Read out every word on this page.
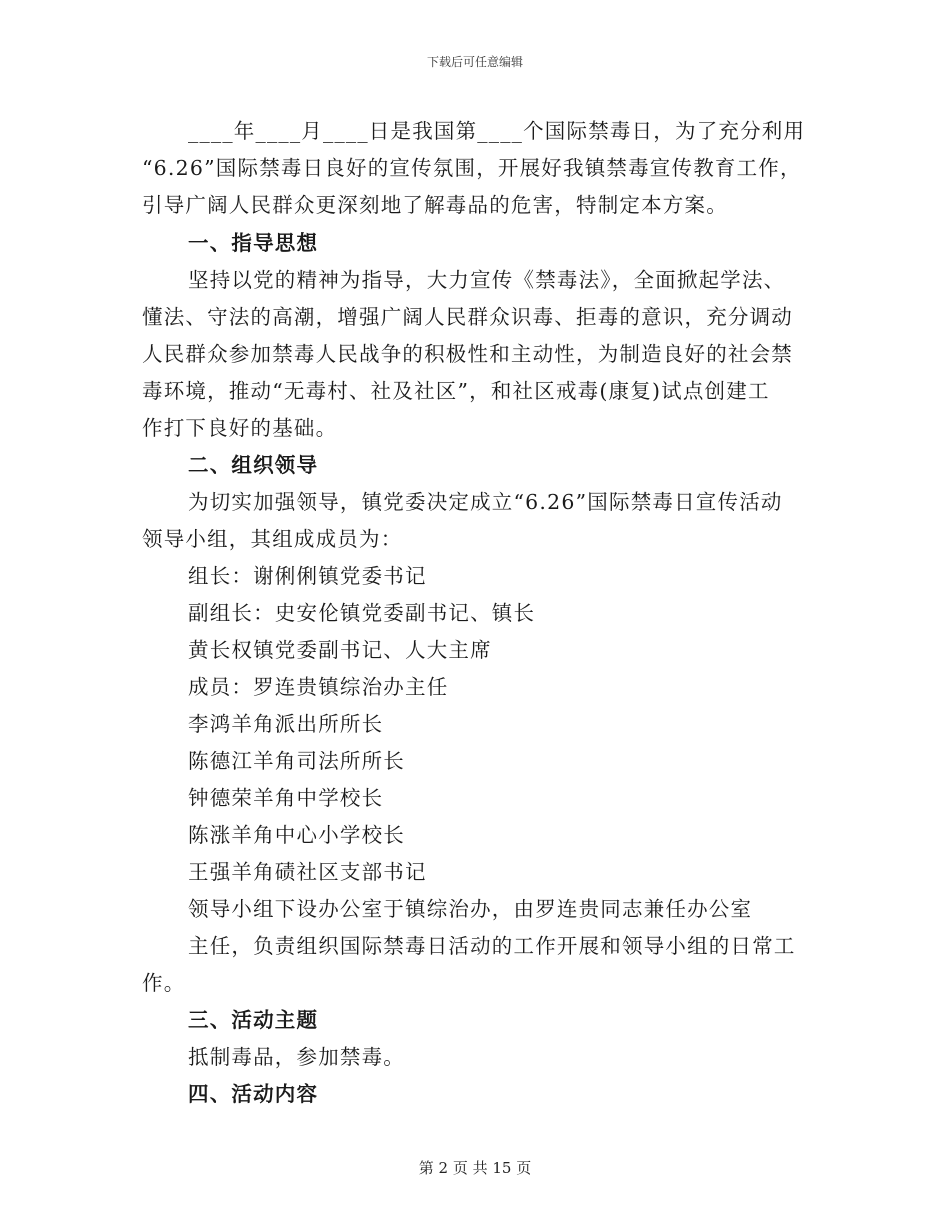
下载后可任意编辑
____年____月____日是我国第____个国际禁毒日，为了充分利用
“6.26”国际禁毒日良好的宣传氛围，开展好我镇禁毒宣传教育工作，
引导广阔人民群众更深刻地了解毒品的危害，特制定本方案。
一、指导思想
坚持以党的精神为指导，大力宣传《禁毒法》，全面掀起学法、
懂法、守法的高潮，增强广阔人民群众识毒、拒毒的意识，充分调动
人民群众参加禁毒人民战争的积极性和主动性，为制造良好的社会禁
毒环境，推动“无毒村、社及社区”，和社区戒毒(康复)试点创建工
作打下良好的基础。
二、组织领导
为切实加强领导，镇党委决定成立“6.26”国际禁毒日宣传活动
领导小组，其组成成员为：
组长：谢俐俐镇党委书记
副组长：史安伦镇党委副书记、镇长
黄长权镇党委副书记、人大主席
成员：罗连贵镇综治办主任
李鸿羊角派出所所长
陈德江羊角司法所所长
钟德荣羊角中学校长
陈涨羊角中心小学校长
王强羊角碛社区支部书记
领导小组下设办公室于镇综治办，由罗连贵同志兼任办公室
主任，负责组织国际禁毒日活动的工作开展和领导小组的日常工
作。
三、活动主题
抵制毒品，参加禁毒。
四、活动内容
第 2 页 共 15 页
